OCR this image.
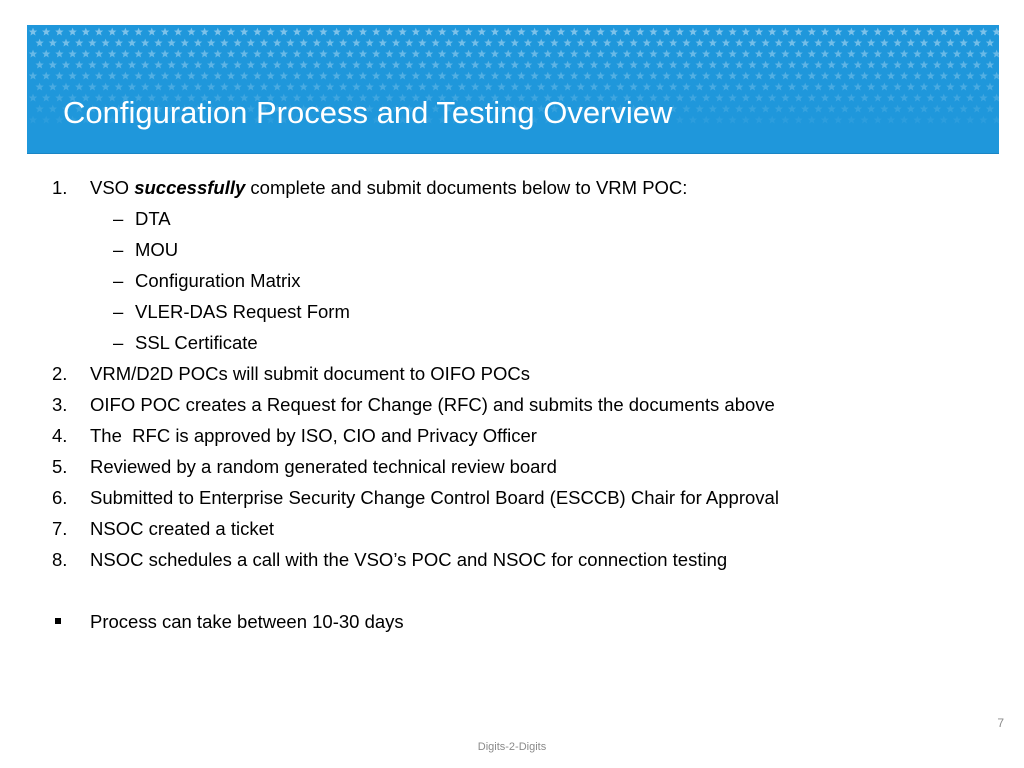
Configuration Process and Testing Overview
1.	VSO successfully complete and submit documents below to VRM POC:
– DTA
– MOU
– Configuration Matrix
– VLER-DAS Request Form
– SSL Certificate
2.	VRM/D2D POCs will submit document to OIFO POCs
3.	OIFO POC creates a Request for Change (RFC) and submits the documents above
4.	The  RFC is approved by ISO, CIO and Privacy Officer
5.	Reviewed by a random generated technical review board
6.	Submitted to Enterprise Security Change Control Board (ESCCB) Chair for Approval
7.	NSOC created a ticket
8.	NSOC schedules a call with the VSO’s POC and NSOC for connection testing
Process can take between 10-30 days
7
Digits-2-Digits
